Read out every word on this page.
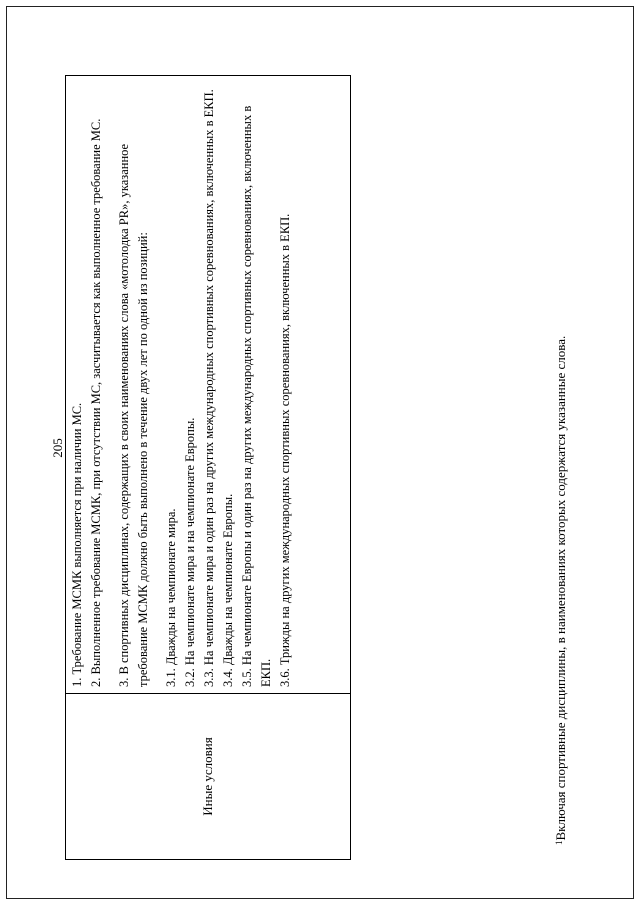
205
Иные условия

1. Требование МСМК выполняется при наличии МС. 2. Выполненное требование МСМК, при отсутствии МС, засчитывается как выполненное требование МС. 3. В спортивных дисциплинах, содержащих в своих наименованиях слова «мотолодка PR», указанное требование МСМК должно быть выполнено в течение двух лет по одной из позиций: 3.1. Дважды на чемпионате мира. 3.2. На чемпионате мира и на чемпионате Европы. 3.3. На чемпионате мира и один раз на других международных спортивных соревнованиях, включенных в ЕКП. 3.4. Дважды на чемпионате Европы. 3.5. На чемпионате Европы и один раз на других международных спортивных соревнованиях, включенных в ЕКП. 3.6. Трижды на других международных спортивных соревнованиях, включенных в ЕКП.

$^1$Включая спортивные дисциплины, в наименованиях которых содержатся указанные слова.
